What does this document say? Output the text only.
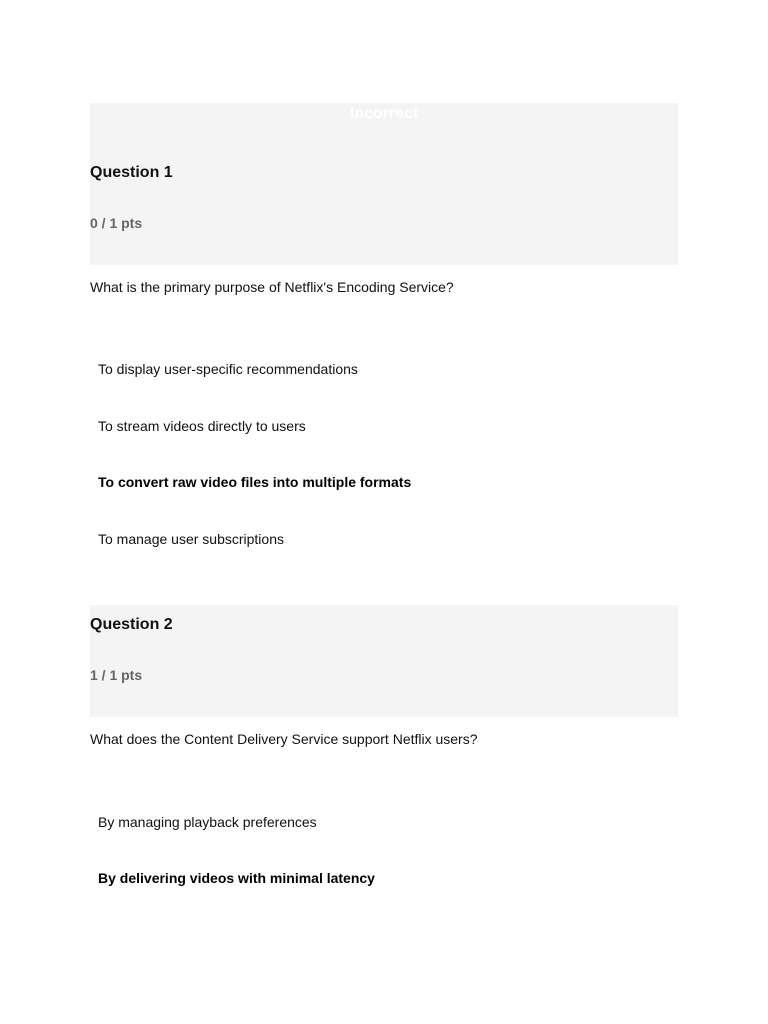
Incorrect
Question 1
0 / 1 pts
What is the primary purpose of Netflix's Encoding Service?
To display user-specific recommendations
To stream videos directly to users
To convert raw video files into multiple formats
To manage user subscriptions
Question 2
1 / 1 pts
What does the Content Delivery Service support Netflix users?
By managing playback preferences
By delivering videos with minimal latency
